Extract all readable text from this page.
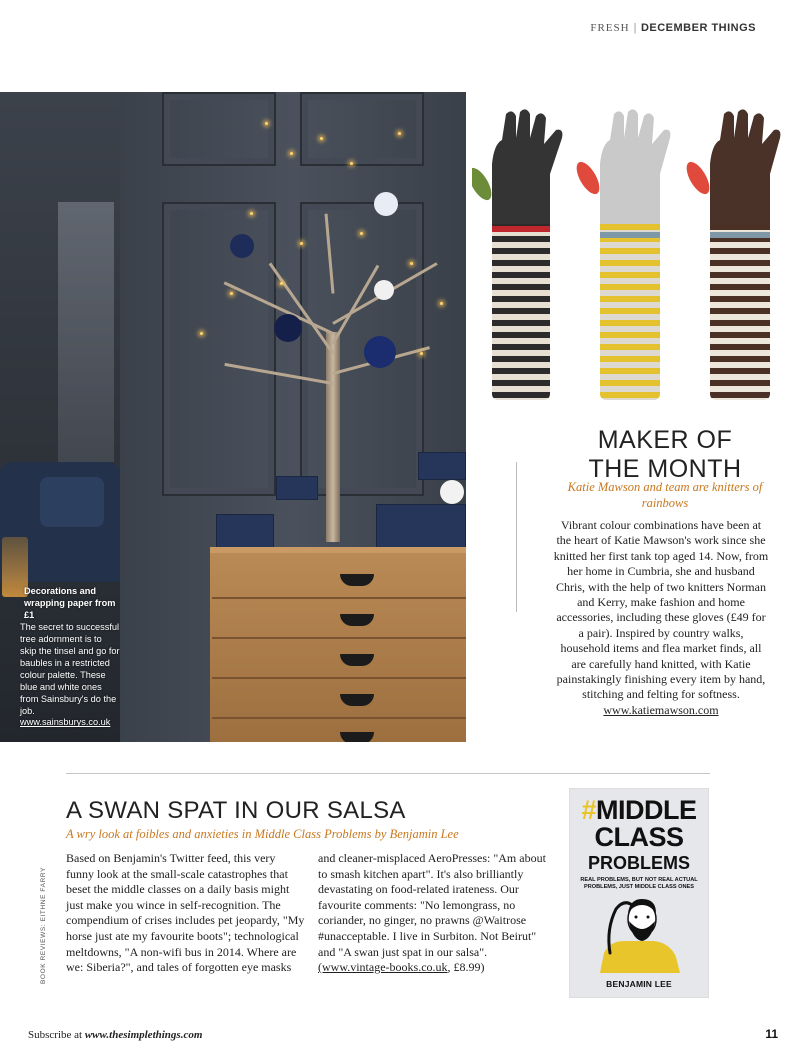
FRESH | DECEMBER THINGS
Decorations and wrapping paper from £1
The secret to successful tree adornment is to skip the tinsel and go for baubles in a restricted colour palette. These blue and white ones from Sainsbury's do the job. www.sainsburys.co.uk
MAKER OF
THE MONTH
Katie Mawson and team are knitters of rainbows
Vibrant colour combinations have been at the heart of Katie Mawson's work since she knitted her first tank top aged 14. Now, from her home in Cumbria, she and husband Chris, with the help of two knitters Norman and Kerry, make fashion and home accessories, including these gloves (£49 for a pair). Inspired by country walks, household items and flea market finds, all are carefully hand knitted, with Katie painstakingly finishing every item by hand, stitching and felting for softness.
www.katiemawson.com
A SWAN SPAT IN OUR SALSA
A wry look at foibles and anxieties in Middle Class Problems by Benjamin Lee
BOOK REVIEWS: EITHNE FARRY
Based on Benjamin's Twitter feed, this very funny look at the small-scale catastrophes that beset the middle classes on a daily basis might just make you wince in self-recognition. The compendium of crises includes pet jeopardy, "My horse just ate my favourite boots"; technological meltdowns, "A non-wifi bus in 2014. Where are we: Siberia?", and tales of forgotten eye masks
and cleaner-misplaced AeroPresses: "Am about to smash kitchen apart". It's also brilliantly devastating on food-related irateness. Our favourite comments: "No lemongrass, no coriander, no ginger, no prawns @Waitrose #unacceptable. I live in Surbiton. Not Beirut" and "A swan just spat in our salsa". (www.vintage-books.co.uk, £8.99)
#MIDDLE
CLASS
PROBLEMS
REAL PROBLEMS, BUT NOT REAL ACTUAL PROBLEMS, JUST MIDDLE CLASS ONES
BENJAMIN LEE
Subscribe at www.thesimplethings.com	11
